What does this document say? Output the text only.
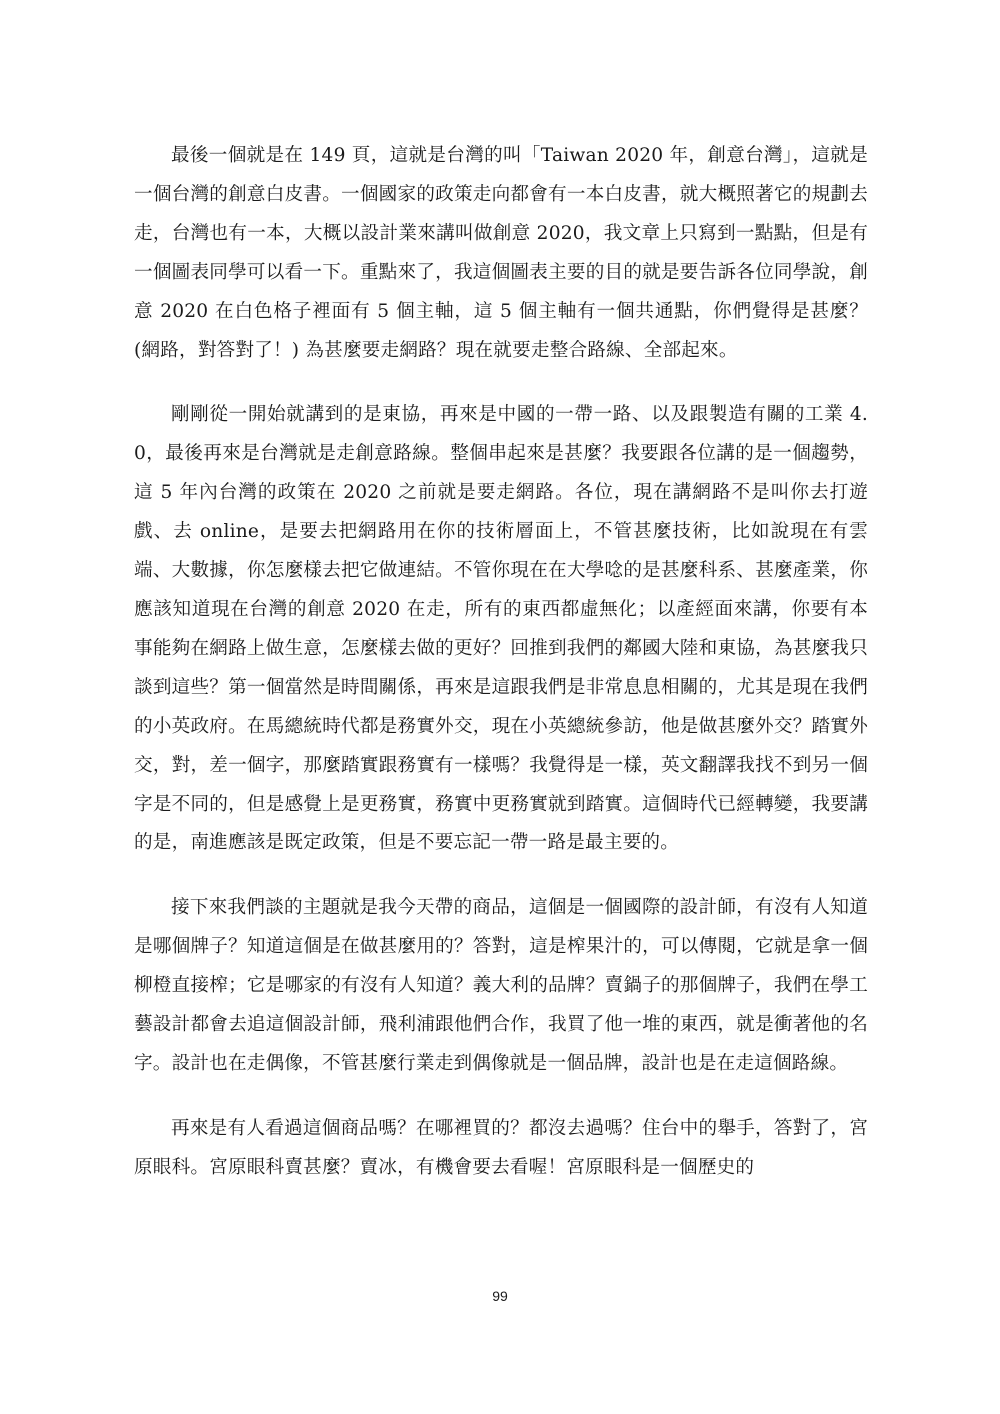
最後一個就是在 149 頁，這就是台灣的叫「Taiwan 2020 年，創意台灣」，這就是一個台灣的創意白皮書。一個國家的政策走向都會有一本白皮書，就大概照著它的規劃去走，台灣也有一本，大概以設計業來講叫做創意 2020，我文章上只寫到一點點，但是有一個圖表同學可以看一下。重點來了，我這個圖表主要的目的就是要告訴各位同學說，創意 2020 在白色格子裡面有 5 個主軸，這 5 個主軸有一個共通點，你們覺得是甚麼？(網路，對答對了！) 為甚麼要走網路？現在就要走整合路線、全部起來。

剛剛從一開始就講到的是東協，再來是中國的一帶一路、以及跟製造有關的工業 4.0，最後再來是台灣就是走創意路線。整個串起來是甚麼？我要跟各位講的是一個趨勢，這 5 年內台灣的政策在 2020 之前就是要走網路。各位，現在講網路不是叫你去打遊戲、去 online，是要去把網路用在你的技術層面上，不管甚麼技術，比如說現在有雲端、大數據，你怎麼樣去把它做連結。不管你現在在大學唸的是甚麼科系、甚麼產業，你應該知道現在台灣的創意 2020 在走，所有的東西都虛無化；以產經面來講，你要有本事能夠在網路上做生意，怎麼樣去做的更好？回推到我們的鄰國大陸和東協，為甚麼我只談到這些？第一個當然是時間關係，再來是這跟我們是非常息息相關的，尤其是現在我們的小英政府。在馬總統時代都是務實外交，現在小英總統參訪，他是做甚麼外交？踏實外交，對，差一個字，那麼踏實跟務實有一樣嗎？我覺得是一樣，英文翻譯我找不到另一個字是不同的，但是感覺上是更務實，務實中更務實就到踏實。這個時代已經轉變，我要講的是，南進應該是既定政策，但是不要忘記一帶一路是最主要的。

接下來我們談的主題就是我今天帶的商品，這個是一個國際的設計師，有沒有人知道是哪個牌子？知道這個是在做甚麼用的？答對，這是榨果汁的，可以傳閱，它就是拿一個柳橙直接榨；它是哪家的有沒有人知道？義大利的品牌？賣鍋子的那個牌子，我們在學工藝設計都會去追這個設計師，飛利浦跟他們合作，我買了他一堆的東西，就是衝著他的名字。設計也在走偶像，不管甚麼行業走到偶像就是一個品牌，設計也是在走這個路線。

再來是有人看過這個商品嗎？在哪裡買的？都沒去過嗎？住台中的舉手，答對了，宮原眼科。宮原眼科賣甚麼？賣冰，有機會要去看喔！宮原眼科是一個歷史的

99
